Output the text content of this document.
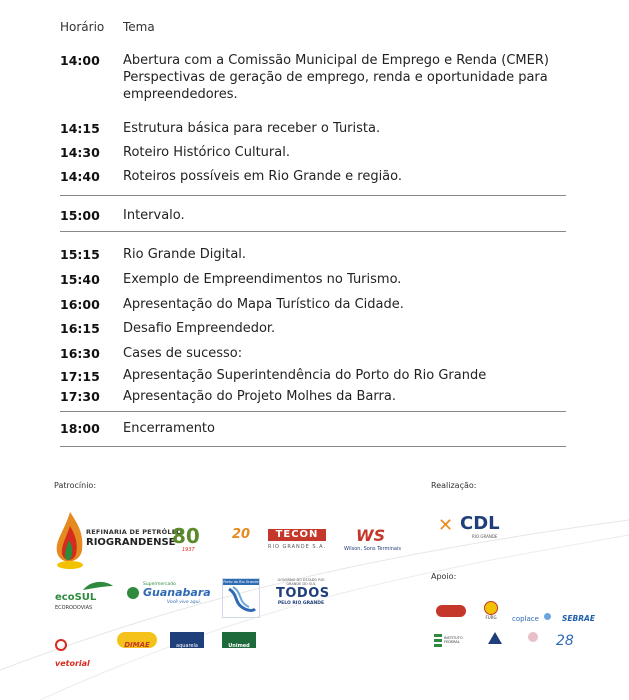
Horário Tema
14:00 Abertura com a Comissão Municipal de Emprego e Renda (CMER)
Perspectivas de geração de emprego, renda e oportunidade para
empreendedores.
14:15 Estrutura básica para receber o Turista.
14:30 Roteiro Histórico Cultural.
14:40 Roteiros possíveis em Rio Grande e região.
15:00 Intervalo.
15:15 Rio Grande Digital.
15:40 Exemplo de Empreendimentos no Turismo.
16:00 Apresentação do Mapa Turístico da Cidade.
16:15 Desafio Empreendedor.
16:30 Cases de sucesso:
17:15 Apresentação Superintendência do Porto do Rio Grande
17:30 Apresentação do Projeto Molhes da Barra.
18:00 Encerramento
Patrocínio:	Realização:
Apoio:
REFINARIA DE PETRÓLEO
RIOGRANDENSE
80
1937
20	TECON
RIO GRANDE S.A.
WS
Wilson, Sons Terminais
ecoSUL
ECORODOVIAS
Supermercado
Guanabara
Você vive aqui.
Porto do Rio Grande	GOVERNO DO ESTADO RIO GRANDE DO SUL
TODOS
PELO RIO GRANDE
vetorial
DIMAE	aquarela	Unimed
✕ CDL
RIO GRANDE
FURG	coplace	SEBRAE
INSTITUTO FEDERAL	28
